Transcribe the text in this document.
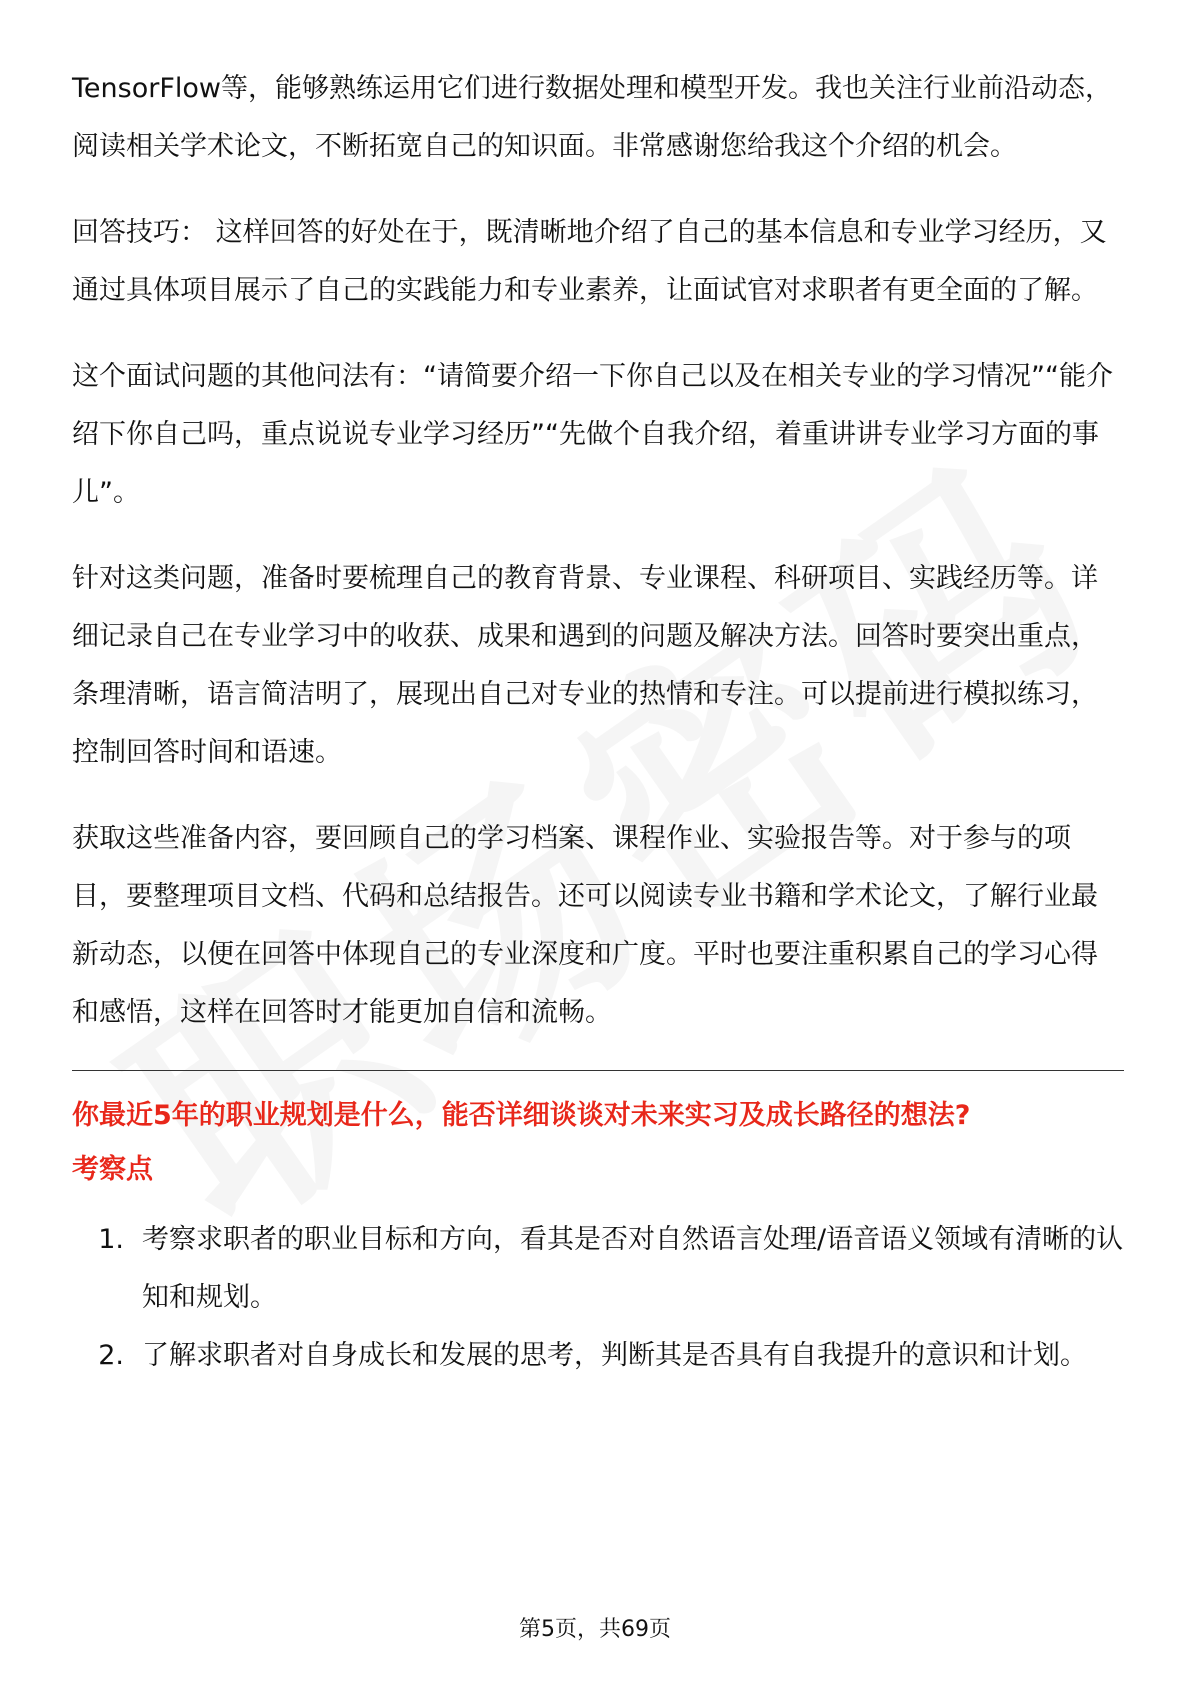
TensorFlow等，能够熟练运用它们进行数据处理和模型开发。我也关注行业前沿动态，阅读相关学术论文，不断拓宽自己的知识面。非常感谢您给我这个介绍的机会。

回答技巧： 这样回答的好处在于，既清晰地介绍了自己的基本信息和专业学习经历，又通过具体项目展示了自己的实践能力和专业素养，让面试官对求职者有更全面的了解。

这个面试问题的其他问法有：“请简要介绍一下你自己以及在相关专业的学习情况”“能介绍下你自己吗，重点说说专业学习经历”“先做个自我介绍，着重讲讲专业学习方面的事儿”。

针对这类问题，准备时要梳理自己的教育背景、专业课程、科研项目、实践经历等。详细记录自己在专业学习中的收获、成果和遇到的问题及解决方法。回答时要突出重点，条理清晰，语言简洁明了，展现出自己对专业的热情和专注。可以提前进行模拟练习，控制回答时间和语速。

获取这些准备内容，要回顾自己的学习档案、课程作业、实验报告等。对于参与的项目，要整理项目文档、代码和总结报告。还可以阅读专业书籍和学术论文，了解行业最新动态，以便在回答中体现自己的专业深度和广度。平时也要注重积累自己的学习心得和感悟，这样在回答时才能更加自信和流畅。

你最近5年的职业规划是什么，能否详细谈谈对未来实习及成长路径的想法?

考察点

1. 考察求职者的职业目标和方向，看其是否对自然语言处理/语音语义领域有清晰的认知和规划。
2. 了解求职者对自身成长和发展的思考，判断其是否具有自我提升的意识和计划。
第5页，共69页
